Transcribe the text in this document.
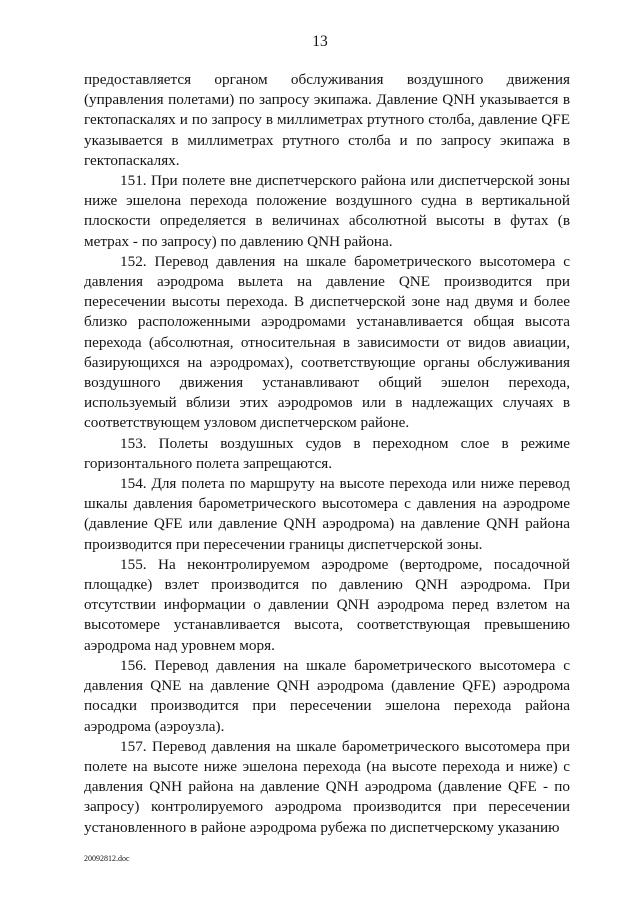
13

предоставляется органом обслуживания воздушного движения (управления полетами) по запросу экипажа. Давление QNH указывается в гектопаскалях и по запросу в миллиметрах ртутного столба, давление QFE указывается в миллиметрах ртутного столба и по запросу экипажа в гектопаскалях.

151. При полете вне диспетчерского района или диспетчерской зоны ниже эшелона перехода положение воздушного судна в вертикальной плоскости определяется в величинах абсолютной высоты в футах (в метрах - по запросу) по давлению QNH района.

152. Перевод давления на шкале барометрического высотомера с давления аэродрома вылета на давление QNE производится при пересечении высоты перехода. В диспетчерской зоне над двумя и более близко расположенными аэродромами устанавливается общая высота перехода (абсолютная, относительная в зависимости от видов авиации, базирующихся на аэродромах), соответствующие органы обслуживания воздушного движения устанавливают общий эшелон перехода, используемый вблизи этих аэродромов или в надлежащих случаях в соответствующем узловом диспетчерском районе.

153. Полеты воздушных судов в переходном слое в режиме горизонтального полета запрещаются.

154. Для полета по маршруту на высоте перехода или ниже перевод шкалы давления барометрического высотомера с давления на аэродроме (давление QFE или давление QNH аэродрома) на давление QNH района производится при пересечении границы диспетчерской зоны.

155. На неконтролируемом аэродроме (вертодроме, посадочной площадке) взлет производится по давлению QNH аэродрома. При отсутствии информации о давлении QNH аэродрома перед взлетом на высотомере устанавливается высота, соответствующая превышению аэродрома над уровнем моря.

156. Перевод давления на шкале барометрического высотомера с давления QNE на давление QNH аэродрома (давление QFE) аэродрома посадки производится при пересечении эшелона перехода района аэродрома (аэроузла).

157. Перевод давления на шкале барометрического высотомера при полете на высоте ниже эшелона перехода (на высоте перехода и ниже) с давления QNH района на давление QNH аэродрома (давление QFE - по запросу) контролируемого аэродрома производится при пересечении установленного в районе аэродрома рубежа по диспетчерскому указанию

20092812.doc
